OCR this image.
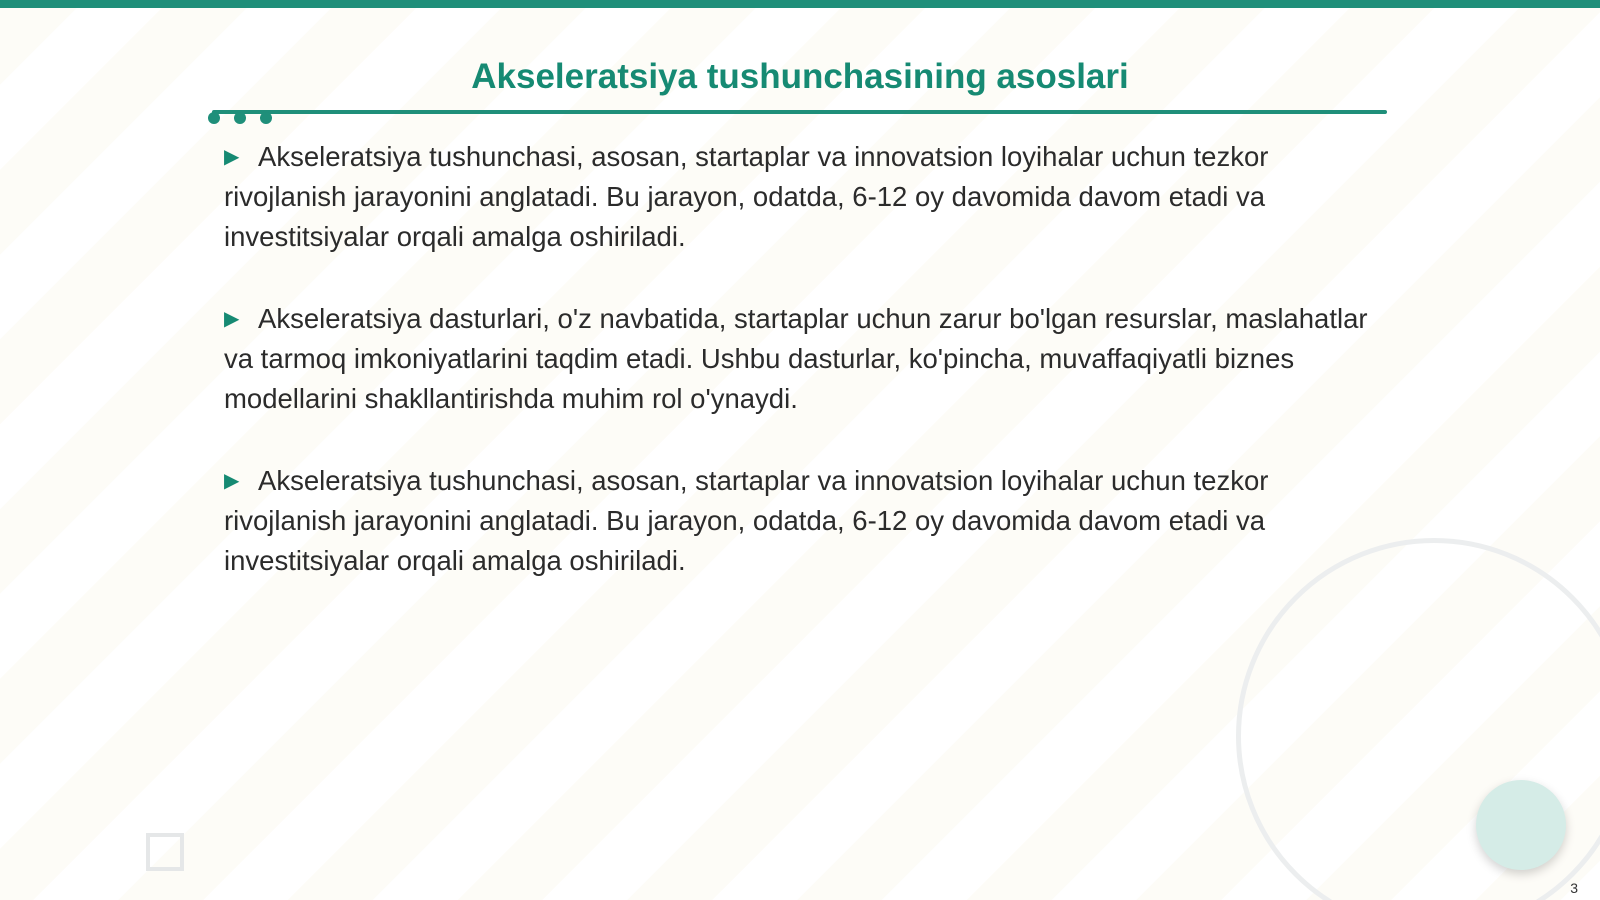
Akseleratsiya tushunchasining asoslari

▶ Akseleratsiya tushunchasi, asosan, startaplar va innovatsion loyihalar uchun tezkor rivojlanish jarayonini anglatadi. Bu jarayon, odatda, 6-12 oy davomida davom etadi va investitsiyalar orqali amalga oshiriladi.

▶ Akseleratsiya dasturlari, o'z navbatida, startaplar uchun zarur bo'lgan resurslar, maslahatlar va tarmoq imkoniyatlarini taqdim etadi. Ushbu dasturlar, ko'pincha, muvaffaqiyatli biznes modellarini shakllantirishda muhim rol o'ynaydi.

▶ Akseleratsiya tushunchasi, asosan, startaplar va innovatsion loyihalar uchun tezkor rivojlanish jarayonini anglatadi. Bu jarayon, odatda, 6-12 oy davomida davom etadi va investitsiyalar orqali amalga oshiriladi.

3
